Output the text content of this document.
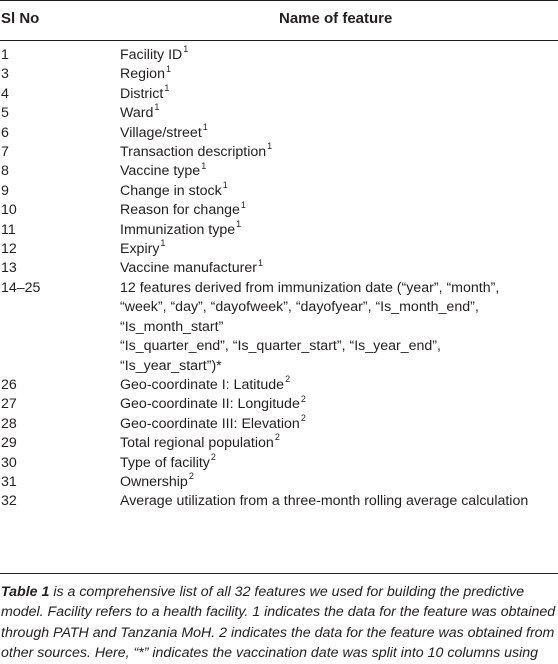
Sl No	Name of feature
1	Facility $ID^1$
3	Region$^1$
4	District$^1$
5	Ward$^1$
6	Village/street$^1$
7	Transaction description$^1$
8	Vaccine type$^1$
9	Change in stock$^1$
10	Reason for change$^1$
11	Immunization type$^1$
12	Expiry$^1$
13	Vaccine manufacturer$^1$
14–25	12 features derived from immunization date (“year”, “month”,
“week”, “day”, “dayofweek”, “dayofyear”, “Is_month_end”,
“Is_month_start”
“Is_quarter_end”, “Is_quarter_start”, “Is_year_end”,
“Is_year_start”)*
26	Geo-coordinate I: Latitude$^2$
27	Geo-coordinate II: Longitude$^2$
28	Geo-coordinate III: Elevation$^2$
29	Total regional population$^2$
30	Type of facility$^2$
31	Ownership$^2$
32	Average utilization from a three-month rolling average calculation
Table 1 is a comprehensive list of all 32 features we used for building the predictive model. Facility refers to a health facility. 1 indicates the data for the feature was obtained through PATH and Tanzania MoH. 2 indicates the data for the feature was obtained from other sources. Here, “*” indicates the vaccination date was split into 10 columns using
